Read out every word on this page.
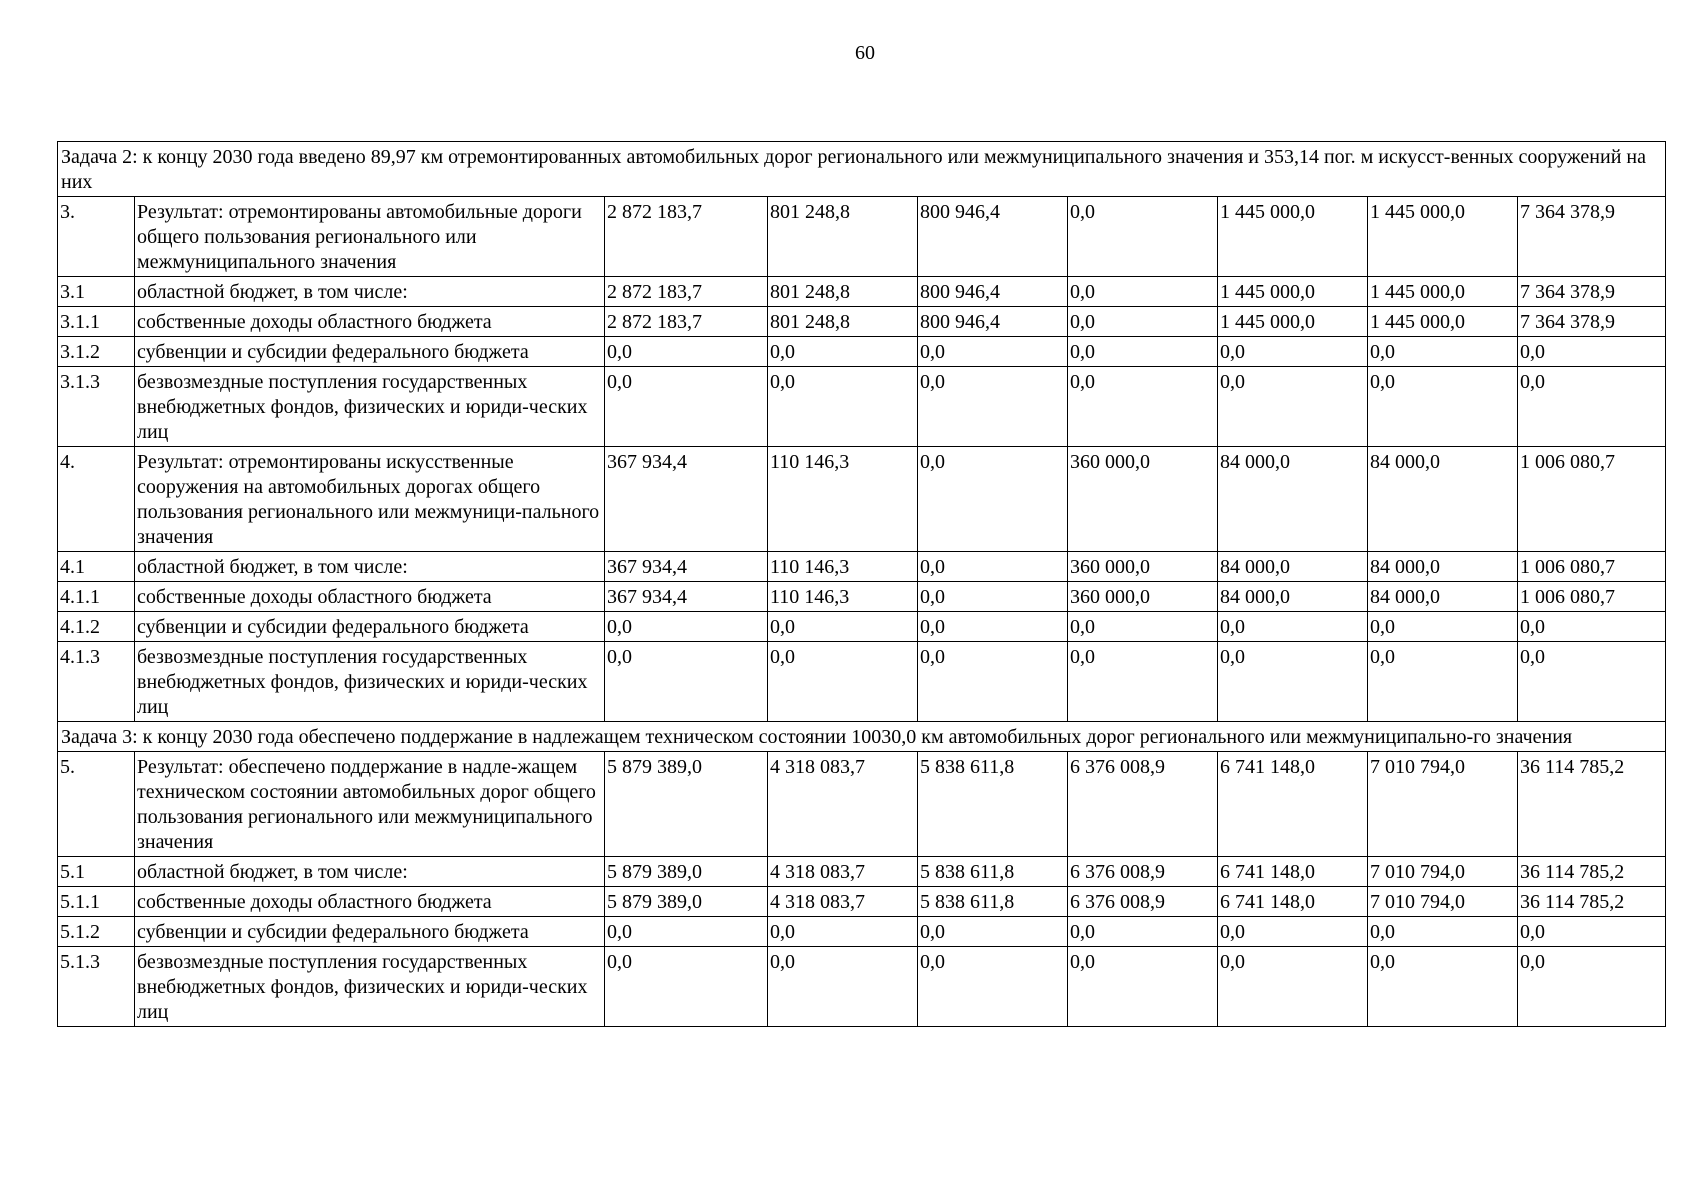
60
Задача 2: к концу 2030 года введено 89,97 км отремонтированных автомобильных дорог регионального или межмуниципального значения и 353,14 пог. м искусст-венных сооружений на них								
3.	Результат: отремонтированы автомобильные дороги общего пользования регионального или межмуниципального значения	2 872 183,7	801 248,8	800 946,4	0,0	1 445 000,0	1 445 000,0	7 364 378,9
3.1	областной бюджет, в том числе:	2 872 183,7	801 248,8	800 946,4	0,0	1 445 000,0	1 445 000,0	7 364 378,9
3.1.1	собственные доходы областного бюджета	2 872 183,7	801 248,8	800 946,4	0,0	1 445 000,0	1 445 000,0	7 364 378,9
3.1.2	субвенции и субсидии федерального бюджета	0,0	0,0	0,0	0,0	0,0	0,0	0,0
3.1.3	безвозмездные поступления государственных внебюджетных фондов, физических и юриди-ческих лиц	0,0	0,0	0,0	0,0	0,0	0,0	0,0
4.	Результат: отремонтированы искусственные сооружения на автомобильных дорогах общего пользования регионального или межмуници-пального значения	367 934,4	110 146,3	0,0	360 000,0	84 000,0	84 000,0	1 006 080,7
4.1	областной бюджет, в том числе:	367 934,4	110 146,3	0,0	360 000,0	84 000,0	84 000,0	1 006 080,7
4.1.1	собственные доходы областного бюджета	367 934,4	110 146,3	0,0	360 000,0	84 000,0	84 000,0	1 006 080,7
4.1.2	субвенции и субсидии федерального бюджета	0,0	0,0	0,0	0,0	0,0	0,0	0,0
4.1.3	безвозмездные поступления государственных внебюджетных фондов, физических и юриди-ческих лиц	0,0	0,0	0,0	0,0	0,0	0,0	0,0
Задача 3: к концу 2030 года обеспечено поддержание в надлежащем техническом состоянии 10030,0 км автомобильных дорог регионального или межмуниципально-го значения								
5.	Результат: обеспечено поддержание в надле-жащем техническом состоянии автомобильных дорог общего пользования регионального или межмуниципального значения	5 879 389,0	4 318 083,7	5 838 611,8	6 376 008,9	6 741 148,0	7 010 794,0	36 114 785,2
5.1	областной бюджет, в том числе:	5 879 389,0	4 318 083,7	5 838 611,8	6 376 008,9	6 741 148,0	7 010 794,0	36 114 785,2
5.1.1	собственные доходы областного бюджета	5 879 389,0	4 318 083,7	5 838 611,8	6 376 008,9	6 741 148,0	7 010 794,0	36 114 785,2
5.1.2	субвенции и субсидии федерального бюджета	0,0	0,0	0,0	0,0	0,0	0,0	0,0
5.1.3	безвозмездные поступления государственных внебюджетных фондов, физических и юриди-ческих лиц	0,0	0,0	0,0	0,0	0,0	0,0	0,0
